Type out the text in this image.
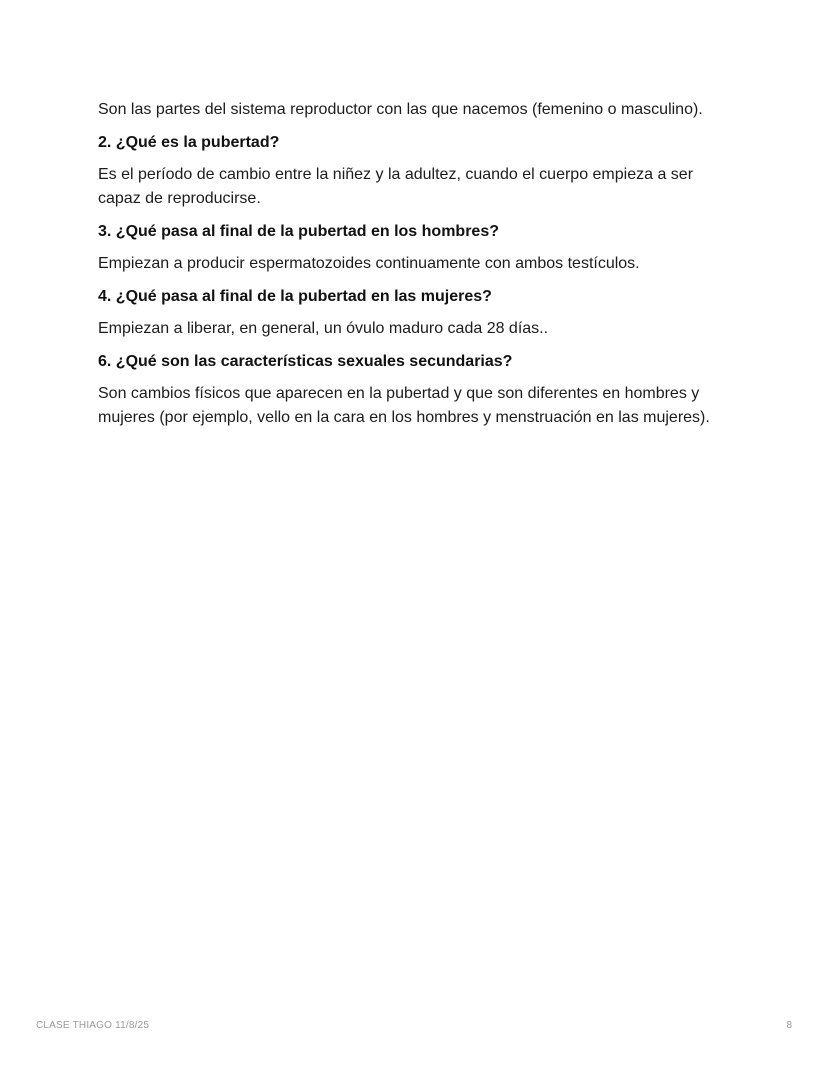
Son las partes del sistema reproductor con las que nacemos (femenino o masculino).

2. ¿Qué es la pubertad?

Es el período de cambio entre la niñez y la adultez, cuando el cuerpo empieza a ser capaz de reproducirse.

3. ¿Qué pasa al final de la pubertad en los hombres?

Empiezan a producir espermatozoides continuamente con ambos testículos.

4. ¿Qué pasa al final de la pubertad en las mujeres?

Empiezan a liberar, en general, un óvulo maduro cada 28 días..

6. ¿Qué son las características sexuales secundarias?

Son cambios físicos que aparecen en la pubertad y que son diferentes en hombres y mujeres (por ejemplo, vello en la cara en los hombres y menstruación en las mujeres).

CLASE THIAGO 11/8/25	8
